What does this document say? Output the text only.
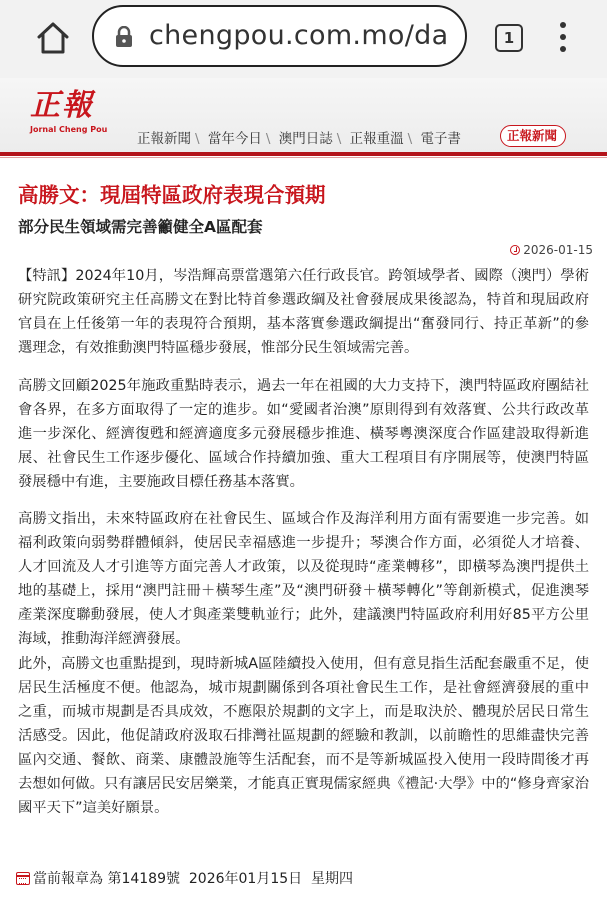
chengpou.com.mo/da	1
正報
Jornal Cheng Pou
正報新聞 \ 當年今日 \ 澳門日誌 \ 正報重溫 \ 電子書	正報新聞
高勝文：現屆特區政府表現合預期
部分民生領域需完善籲健全A區配套
2026-01-15
【特訊】2024年10月，岑浩輝高票當選第六任行政長官。跨領域學者、國際（澳門）學術研究院政策研究主任高勝文在對比特首參選政綱及社會發展成果後認為，特首和現屆政府官員在上任後第一年的表現符合預期，基本落實參選政綱提出“奮發同行、持正革新”的參選理念，有效推動澳門特區穩步發展，惟部分民生領域需完善。
高勝文回顧2025年施政重點時表示，過去一年在祖國的大力支持下，澳門特區政府團結社會各界，在多方面取得了一定的進步。如“愛國者治澳”原則得到有效落實、公共行政改革進一步深化、經濟復甦和經濟適度多元發展穩步推進、橫琴粵澳深度合作區建設取得新進展、社會民生工作逐步優化、區域合作持續加強、重大工程項目有序開展等，使澳門特區發展穩中有進，主要施政目標任務基本落實。
高勝文指出，未來特區政府在社會民生、區域合作及海洋利用方面有需要進一步完善。如福利政策向弱勢群體傾斜，使居民幸福感進一步提升；琴澳合作方面，必須從人才培養、人才回流及人才引進等方面完善人才政策，以及從現時“產業轉移”，即橫琴為澳門提供土地的基礎上，採用“澳門註冊＋橫琴生產”及“澳門研發＋橫琴轉化”等創新模式，促進澳琴產業深度聯動發展，使人才與產業雙軌並行；此外，建議澳門特區政府利用好85平方公里海域，推動海洋經濟發展。
此外，高勝文也重點提到，現時新城A區陸續投入使用，但有意見指生活配套嚴重不足，使居民生活極度不便。他認為，城市規劃關係到各項社會民生工作，是社會經濟發展的重中之重，而城市規劃是否具成效，不應限於規劃的文字上，而是取決於、體現於居民日常生活感受。因此，他促請政府汲取石排灣社區規劃的經驗和教訓，以前瞻性的思維盡快完善區內交通、餐飲、商業、康體設施等生活配套，而不是等新城區投入使用一段時間後才再去想如何做。只有讓居民安居樂業，才能真正實現儒家經典《禮記·大學》中的“修身齊家治國平天下”這美好願景。
當前報章為 第14189號  2026年01月15日  星期四
